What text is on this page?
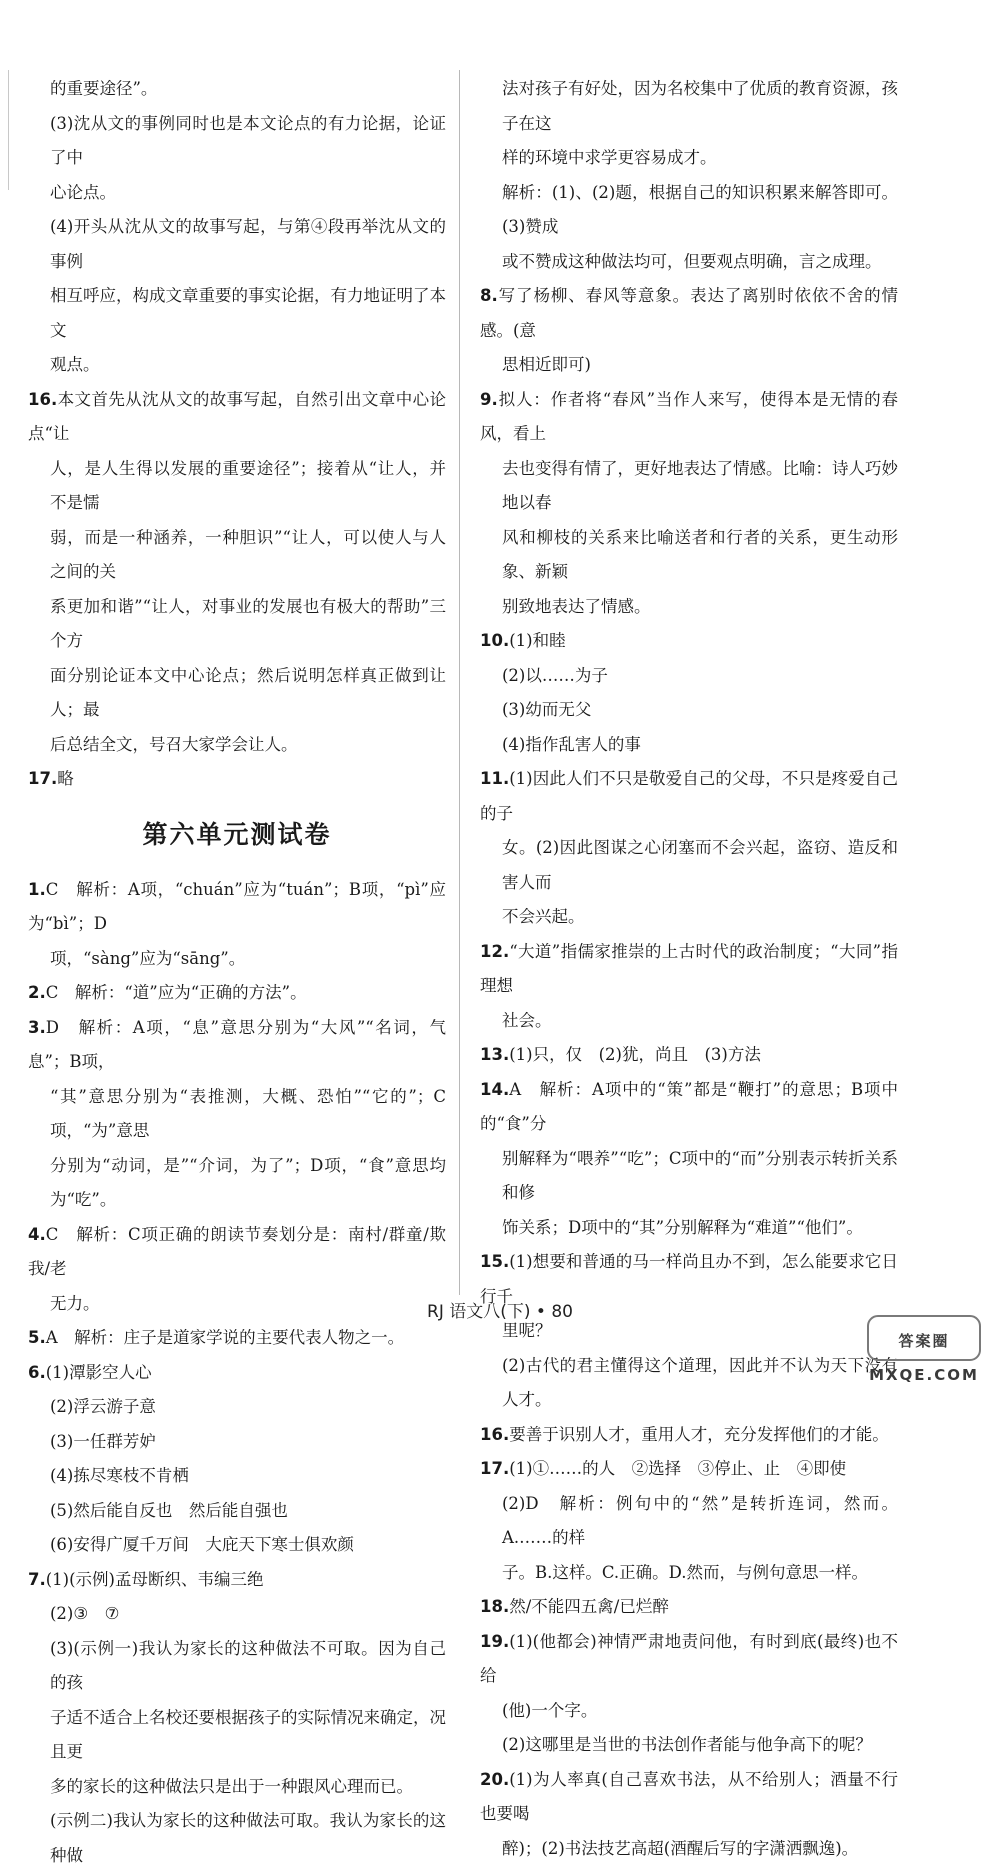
的重要途径”。
(3)沈从文的事例同时也是本文论点的有力论据，论证了中
心论点。
(4)开头从沈从文的故事写起，与第④段再举沈从文的事例
相互呼应，构成文章重要的事实论据，有力地证明了本文
观点。
16.本文首先从沈从文的故事写起，自然引出文章中心论点“让
人，是人生得以发展的重要途径”；接着从“让人，并不是懦
弱，而是一种涵养，一种胆识”“让人，可以使人与人之间的关
系更加和谐”“让人，对事业的发展也有极大的帮助”三个方
面分别论证本文中心论点；然后说明怎样真正做到让人；最
后总结全文，号召大家学会让人。
17.略
第六单元测试卷
1.C　解析：A项，“chuán”应为“tuán”；B项，“pì”应为“bì”；D
项，“sàng”应为“sāng”。
2.C　解析：“道”应为“正确的方法”。
3.D　解析：A项，“息”意思分别为“大风”“名词，气息”；B项，
“其”意思分别为“表推测，大概、恐怕”“它的”；C项，“为”意思
分别为“动词，是”“介词，为了”；D项，“食”意思均为“吃”。
4.C　解析：C项正确的朗读节奏划分是：南村/群童/欺我/老
无力。
5.A　解析：庄子是道家学说的主要代表人物之一。
6.(1)潭影空人心
(2)浮云游子意
(3)一任群芳妒
(4)拣尽寒枝不肯栖
(5)然后能自反也　然后能自强也
(6)安得广厦千万间　大庇天下寒士俱欢颜
7.(1)(示例)孟母断织、韦编三绝
(2)③　⑦
(3)(示例一)我认为家长的这种做法不可取。因为自己的孩
子适不适合上名校还要根据孩子的实际情况来确定，况且更
多的家长的这种做法只是出于一种跟风心理而已。
(示例二)我认为家长的这种做法可取。我认为家长的这种做
法对孩子有好处，因为名校集中了优质的教育资源，孩子在这
样的环境中求学更容易成才。
解析：(1)、(2)题，根据自己的知识积累来解答即可。(3)赞成
或不赞成这种做法均可，但要观点明确，言之成理。
8.写了杨柳、春风等意象。表达了离别时依依不舍的情感。(意
思相近即可)
9.拟人：作者将“春风”当作人来写，使得本是无情的春风，看上
去也变得有情了，更好地表达了情感。比喻：诗人巧妙地以春
风和柳枝的关系来比喻送者和行者的关系，更生动形象、新颖
别致地表达了情感。
10.(1)和睦
(2)以……为子
(3)幼而无父
(4)指作乱害人的事
11.(1)因此人们不只是敬爱自己的父母，不只是疼爱自己的子
女。(2)因此图谋之心闭塞而不会兴起，盗窃、造反和害人而
不会兴起。
12.“大道”指儒家推崇的上古时代的政治制度；“大同”指理想
社会。
13.(1)只，仅　(2)犹，尚且　(3)方法
14.A　解析：A项中的“策”都是“鞭打”的意思；B项中的“食”分
别解释为“喂养”“吃”；C项中的“而”分别表示转折关系和修
饰关系；D项中的“其”分别解释为“难道”“他们”。
15.(1)想要和普通的马一样尚且办不到，怎么能要求它日行千
里呢？
(2)古代的君主懂得这个道理，因此并不认为天下没有人才。
16.要善于识别人才，重用人才，充分发挥他们的才能。
17.(1)①……的人　②选择　③停止、止　④即使
(2)D　解析：例句中的“然”是转折连词，然而。A.……的样
子。B.这样。C.正确。D.然而，与例句意思一样。
18.然/不能四五禽/已烂醉
19.(1)(他都会)神情严肃地责问他，有时到底(最终)也不给
(他)一个字。
(2)这哪里是当世的书法创作者能与他争高下的呢？
20.(1)为人率真(自己喜欢书法，从不给别人；酒量不行也要喝
醉)；(2)书法技艺高超(酒醒后写的字潇洒飘逸)。
RJ 语文八(下) • 80
答案圈
MXQE.COM
